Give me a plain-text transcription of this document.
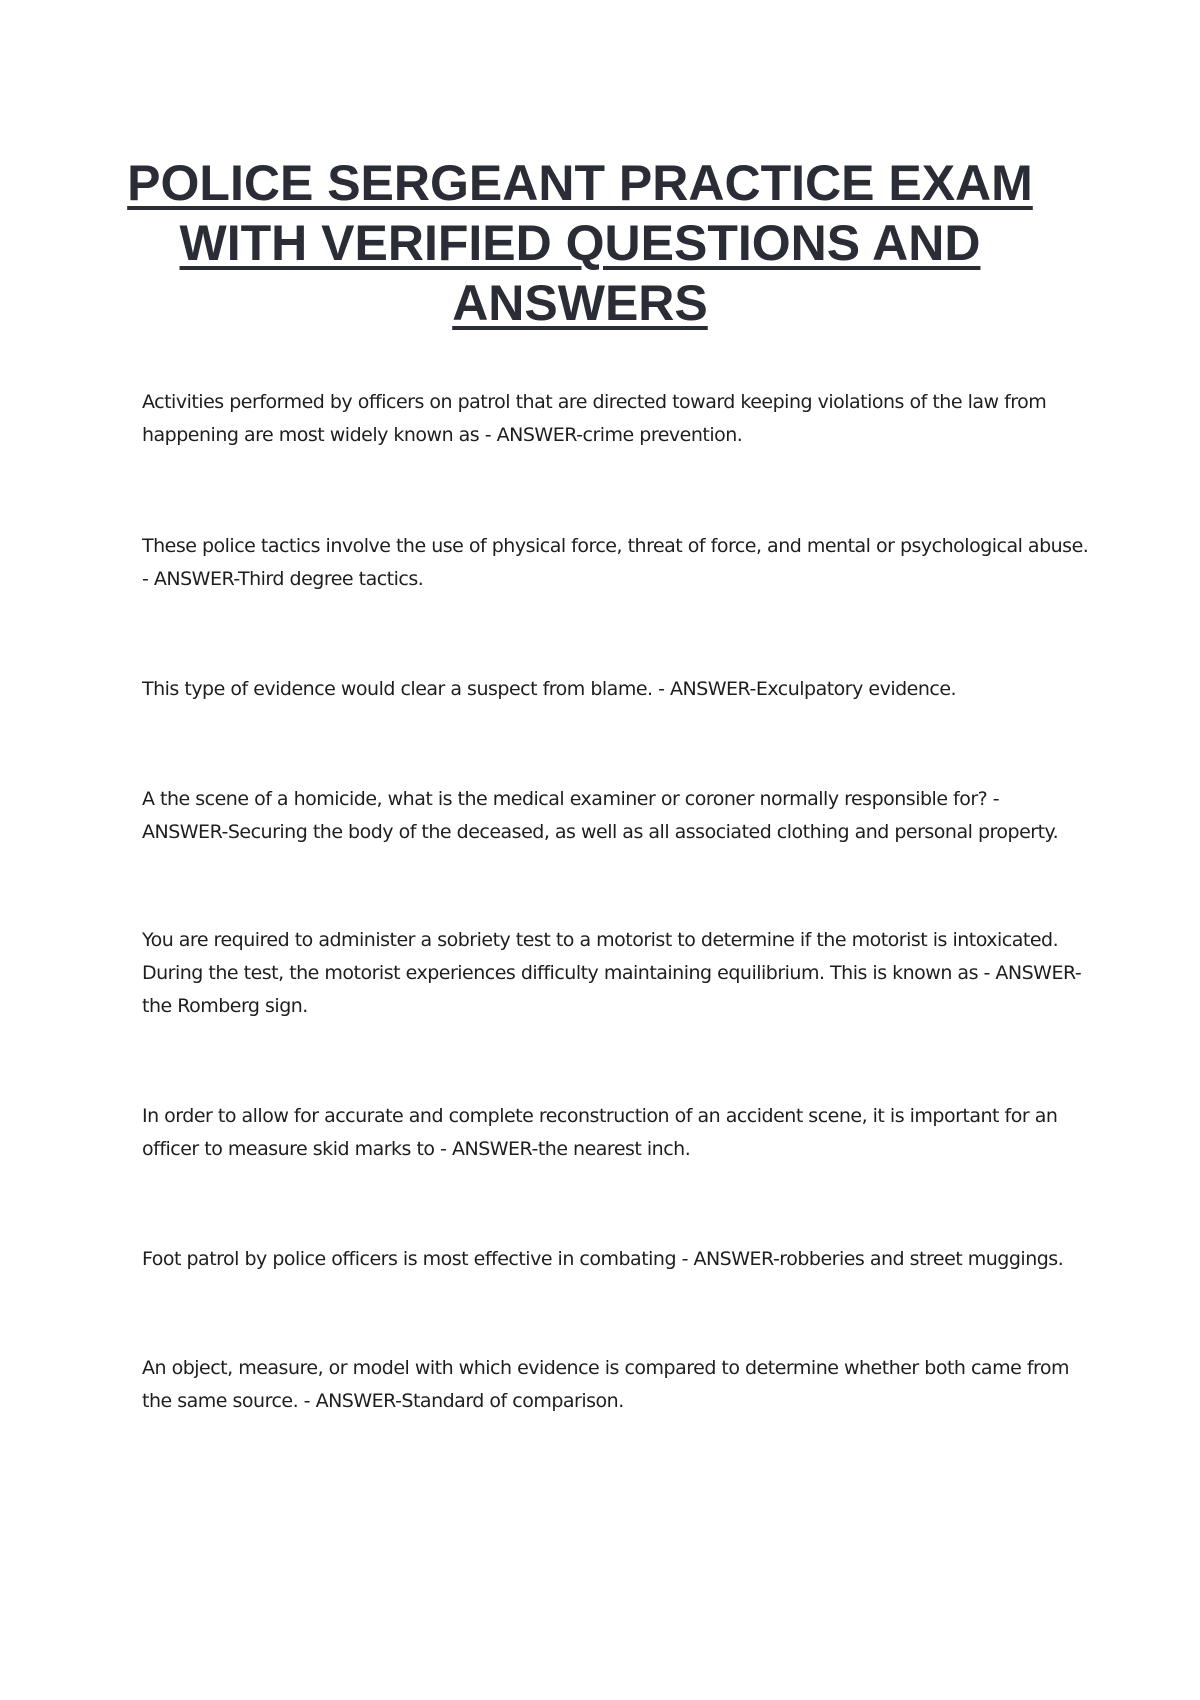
POLICE SERGEANT PRACTICE EXAMWITH VERIFIED QUESTIONS ANDANSWERS

Activities performed by officers on patrol that are directed toward keeping violations of the law from
happening are most widely known as - ANSWER-crime prevention.

These police tactics involve the use of physical force, threat of force, and mental or psychological abuse.
- ANSWER-Third degree tactics.

This type of evidence would clear a suspect from blame. - ANSWER-Exculpatory evidence.

A the scene of a homicide, what is the medical examiner or coroner normally responsible for? -
ANSWER-Securing the body of the deceased, as well as all associated clothing and personal property.

You are required to administer a sobriety test to a motorist to determine if the motorist is intoxicated.
During the test, the motorist experiences difficulty maintaining equilibrium. This is known as - ANSWER-
the Romberg sign.

In order to allow for accurate and complete reconstruction of an accident scene, it is important for an
officer to measure skid marks to - ANSWER-the nearest inch.

Foot patrol by police officers is most effective in combating - ANSWER-robberies and street muggings.

An object, measure, or model with which evidence is compared to determine whether both came from
the same source. - ANSWER-Standard of comparison.
